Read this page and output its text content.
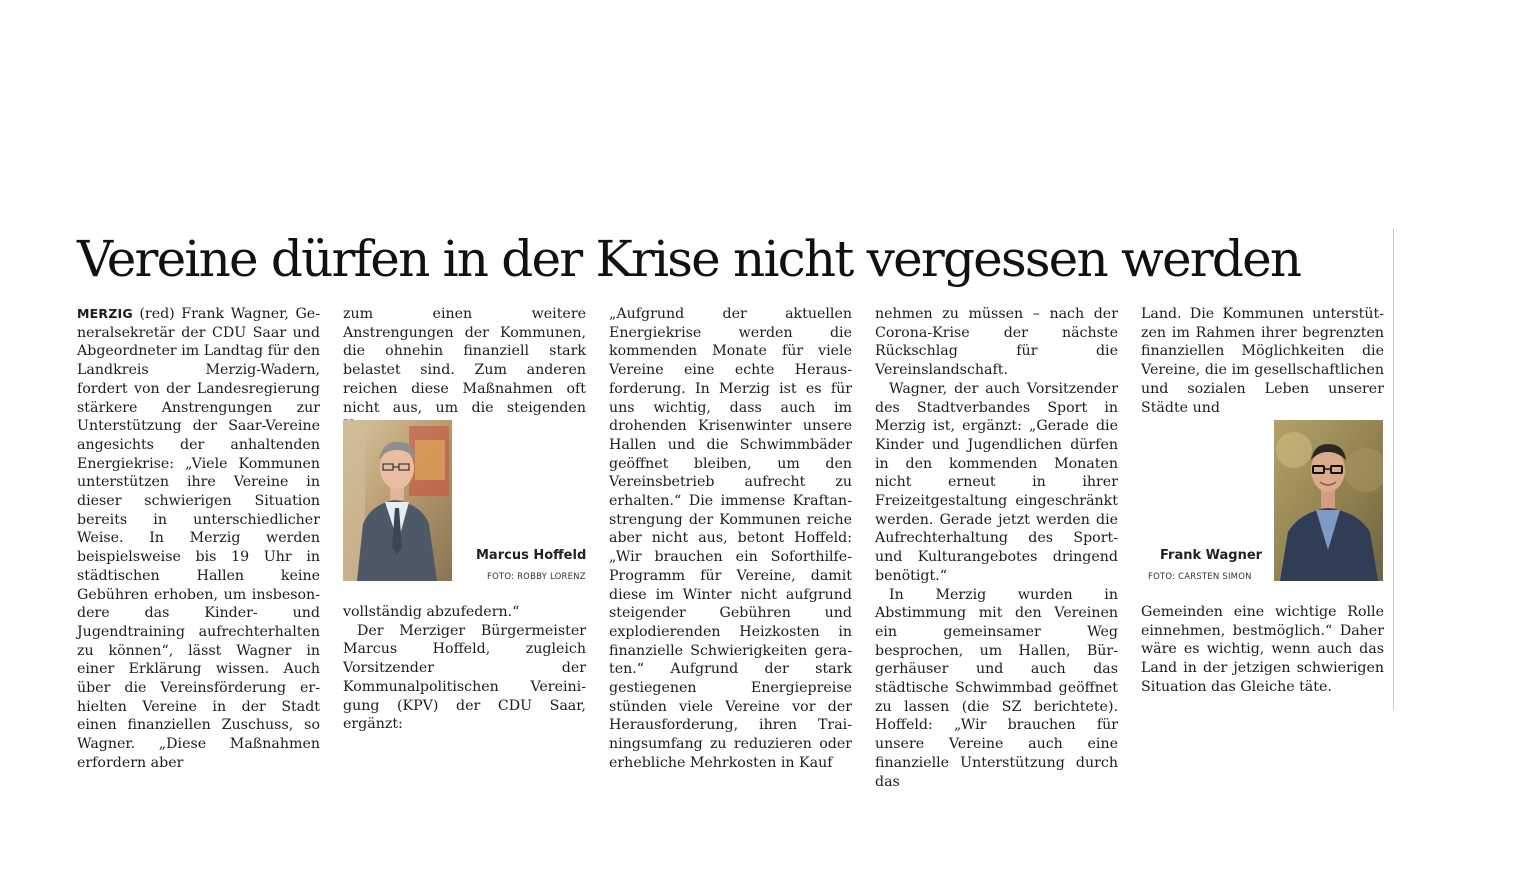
Vereine dürfen in der Krise nicht vergessen werden

MERZIG (red) Frank Wagner, Generalsekretär der CDU Saar und Abgeordneter im Landtag für den Landkreis Merzig-Wadern, fordert von der Landesregierung stärkere Anstrengungen zur Unterstützung der Saar-Vereine angesichts der anhaltenden Energiekrise: „Viele Kommunen unterstützen ihre Vereine in dieser schwierigen Situation bereits in unterschiedlicher Weise. In Merzig werden beispielsweise bis 19 Uhr in städtischen Hallen keine Gebühren erhoben, um insbesondere das Kinder- und Jugendtraining aufrechterhalten zu können“, lässt Wagner in einer Erklärung wissen. Auch über die Vereinsförderung erhielten Vereine in der Stadt einen finanziellen Zuschuss, so Wagner. „Diese Maßnahmen erfordern aber

zum einen weitere Anstrengungen der Kommunen, die ohnehin finanziell stark belastet sind. Zum anderen reichen diese Maßnahmen oft nicht aus, um die steigenden

Marcus Hoffeld
FOTO: ROBBY LORENZ

vollständig abzufedern.“

Der Merziger Bürgermeister Marcus Hoffeld, zugleich Vorsitzender der Kommunalpolitischen Vereinigung (KPV) der CDU Saar, ergänzt:

„Aufgrund der aktuellen Energiekrise werden die kommenden Monate für viele Vereine eine echte Herausforderung. In Merzig ist es für uns wichtig, dass auch im drohenden Krisenwinter unsere Hallen und die Schwimmbäder geöffnet bleiben, um den Vereinsbetrieb aufrecht zu erhalten.“ Die immense Kraftanstrengung der Kommunen reiche aber nicht aus, betont Hoffeld: „Wir brauchen ein Soforthilfe-Programm für Vereine, damit diese im Winter nicht aufgrund steigender Gebühren und explodierenden Heizkosten in finanzielle Schwierigkeiten geraten.“ Aufgrund der stark gestiegenen Energiepreise stünden viele Vereine vor der Herausforderung, ihren Trainingsumfang zu reduzieren oder erhebliche Mehrkosten in Kauf

nehmen zu müssen – nach der Corona-Krise der nächste Rückschlag für die Vereinslandschaft.

Wagner, der auch Vorsitzender des Stadtverbandes Sport in Merzig ist, ergänzt: „Gerade die Kinder und Jugendlichen dürfen in den kommenden Monaten nicht erneut in ihrer Freizeitgestaltung eingeschränkt werden. Gerade jetzt werden die Aufrechterhaltung des Sport- und Kulturangebotes dringend benötigt.“

In Merzig wurden in Abstimmung mit den Vereinen ein gemeinsamer Weg besprochen, um Hallen, Bürgerhäuser und auch das städtische Schwimmbad geöffnet zu lassen (die SZ berichtete). Hoffeld: „Wir brauchen für unsere Vereine auch eine finanzielle Unterstützung durch das

Land. Die Kommunen unterstützen im Rahmen ihrer begrenzten finanziellen Möglichkeiten die Vereine, die im gesellschaftlichen und sozialen Leben unserer Städte und

Frank Wagner
FOTO: CARSTEN SIMON

Gemeinden eine wichtige Rolle einnehmen, bestmöglich.“ Daher wäre es wichtig, wenn auch das Land in der jetzigen schwierigen Situation das Gleiche täte.
